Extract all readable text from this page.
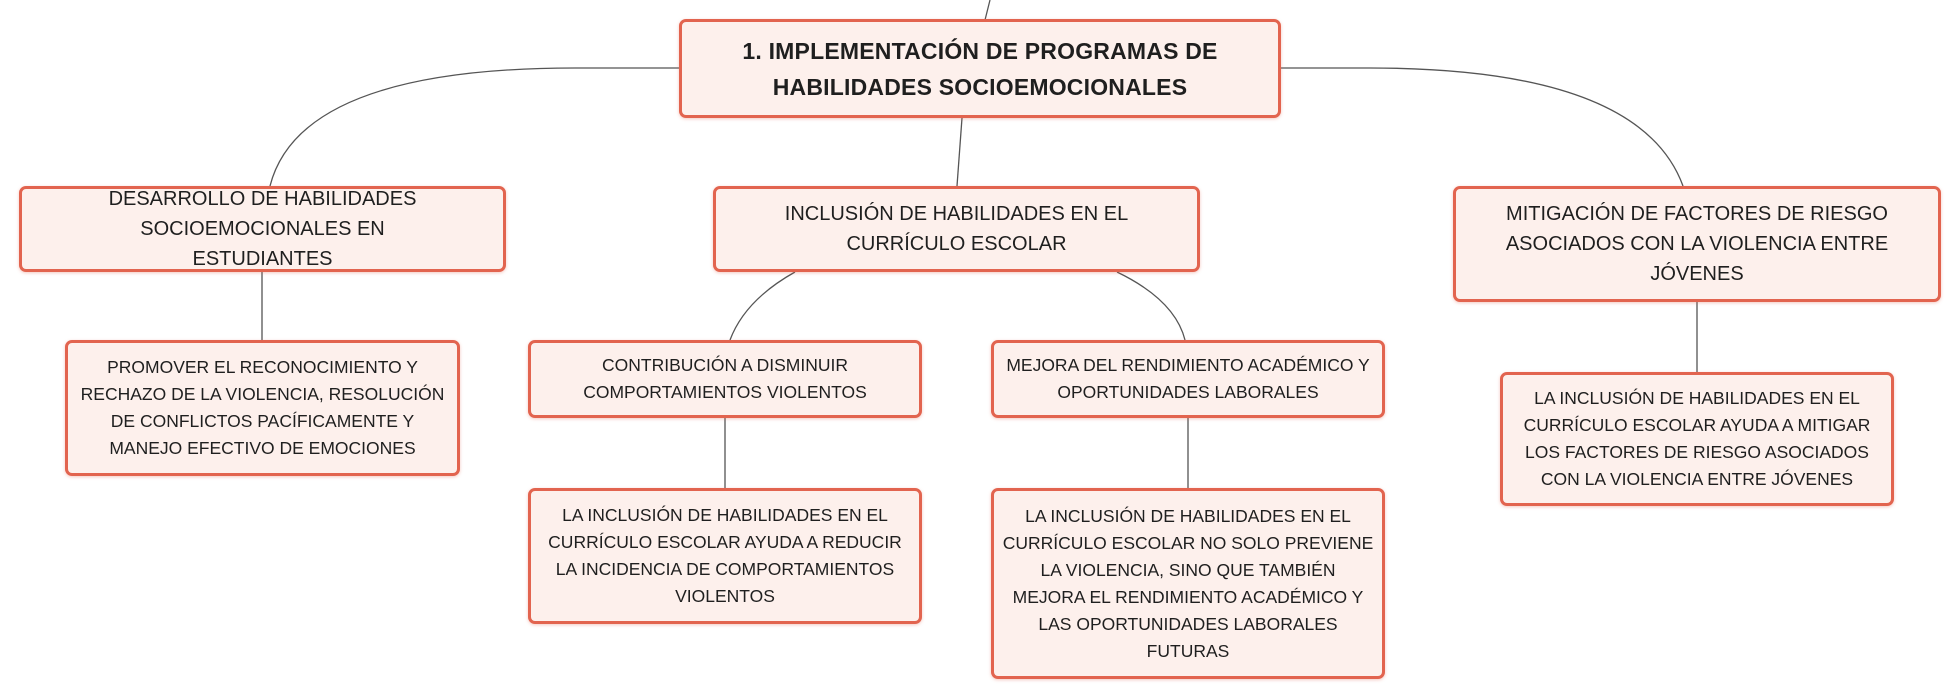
1. IMPLEMENTACIÓN DE PROGRAMAS DE HABILIDADES SOCIOEMOCIONALES
DESARROLLO DE HABILIDADES SOCIOEMOCIONALES EN ESTUDIANTES
INCLUSIÓN DE HABILIDADES EN EL CURRÍCULO ESCOLAR
MITIGACIÓN DE FACTORES DE RIESGO ASOCIADOS CON LA VIOLENCIA ENTRE JÓVENES
PROMOVER EL RECONOCIMIENTO Y RECHAZO DE LA VIOLENCIA, RESOLUCIÓN DE CONFLICTOS PACÍFICAMENTE Y MANEJO EFECTIVO DE EMOCIONES
CONTRIBUCIÓN A DISMINUIR COMPORTAMIENTOS VIOLENTOS
MEJORA DEL RENDIMIENTO ACADÉMICO Y OPORTUNIDADES LABORALES
LA INCLUSIÓN DE HABILIDADES EN EL CURRÍCULO ESCOLAR AYUDA A REDUCIR LA INCIDENCIA DE COMPORTAMIENTOS VIOLENTOS
LA INCLUSIÓN DE HABILIDADES EN EL CURRÍCULO ESCOLAR NO SOLO PREVIENE LA VIOLENCIA, SINO QUE TAMBIÉN MEJORA EL RENDIMIENTO ACADÉMICO Y LAS OPORTUNIDADES LABORALES FUTURAS
LA INCLUSIÓN DE HABILIDADES EN EL CURRÍCULO ESCOLAR AYUDA A MITIGAR LOS FACTORES DE RIESGO ASOCIADOS CON LA VIOLENCIA ENTRE JÓVENES
